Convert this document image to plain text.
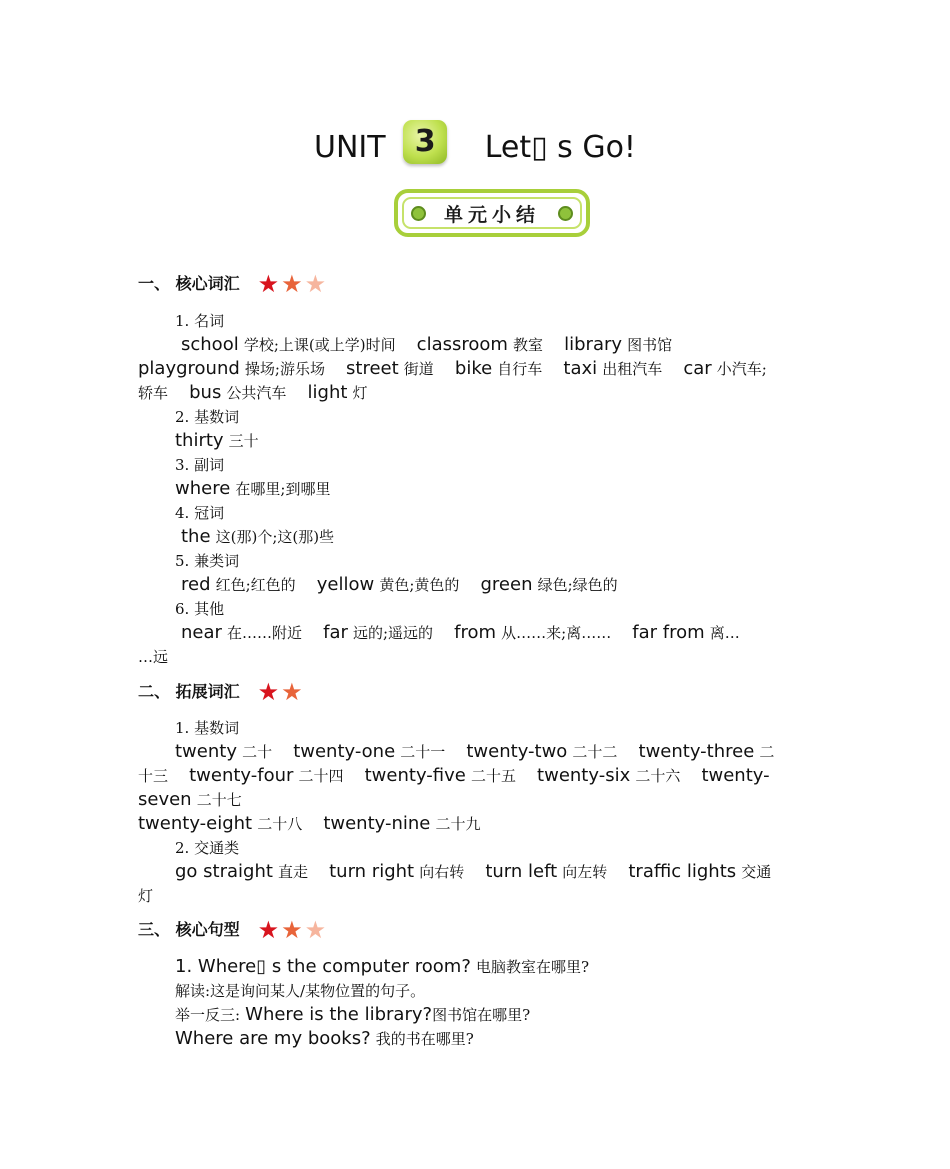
UNIT 3 Let▯ s Go!
单元小结
一、 核心词汇 ★ ★ ★
1. 名词
school 学校;上课(或上学)时间 classroom 教室 library 图书馆
playground 操场;游乐场 street 街道 bike 自行车 taxi 出租汽车 car 小汽车;
轿车 bus 公共汽车 light 灯
2. 基数词
thirty 三十
3. 副词
where 在哪里;到哪里
4. 冠词
the 这(那)个;这(那)些
5. 兼类词
red 红色;红色的 yellow 黄色;黄色的 green 绿色;绿色的
6. 其他
near 在……附近 far 远的;遥远的 from 从……来;离…… far from 离…
…远
二、 拓展词汇 ★ ★
1. 基数词
twenty 二十 twenty-one 二十一 twenty-two 二十二 twenty-three 二
十三 twenty-four 二十四 twenty-five 二十五 twenty-six 二十六 twenty-
seven 二十七
twenty-eight 二十八 twenty-nine 二十九
2. 交通类
go straight 直走 turn right 向右转 turn left 向左转 traffic lights 交通
灯
三、 核心句型 ★ ★ ★
1. Where▯ s the computer room? 电脑教室在哪里?
解读:这是询问某人/某物位置的句子。
举一反三: Where is the library?图书馆在哪里?
Where are my books? 我的书在哪里?
